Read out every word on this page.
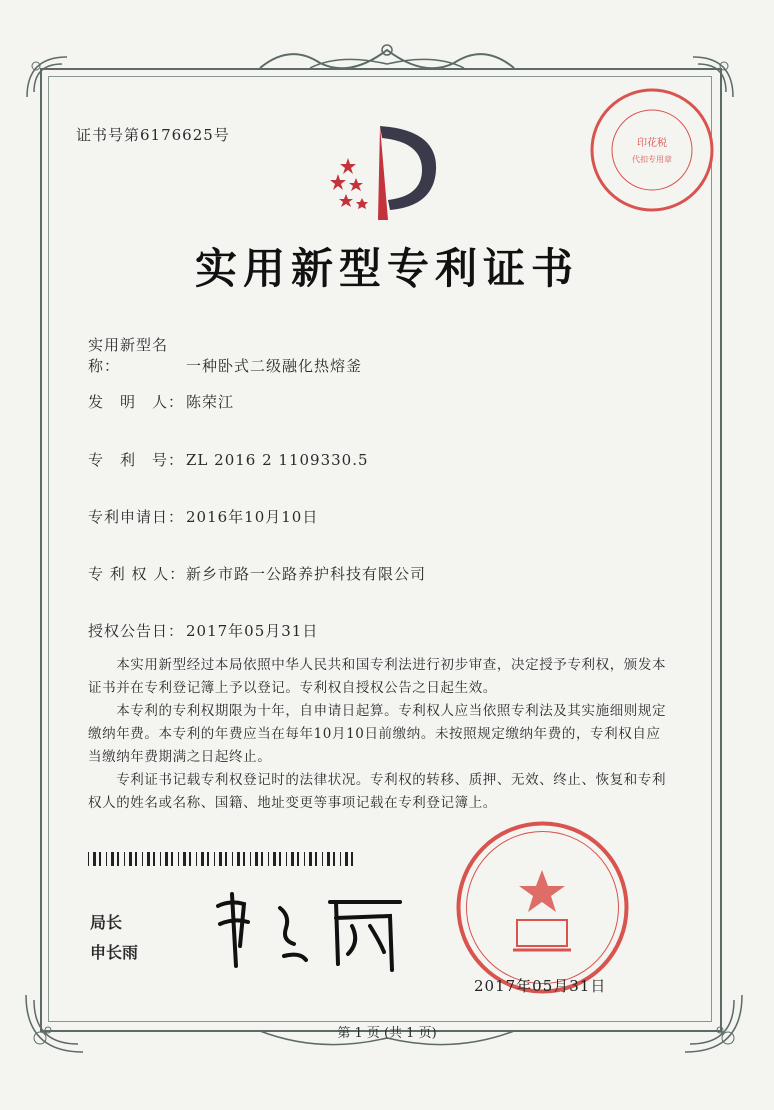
证书号第6176625号	印花税
代扣专用章
实用新型专利证书
实用新型名称：	一种卧式二级融化热熔釜
发　明　人： 陈荣江
专　利　号： ZL 2016 2 1109330.5
专利申请日： 2016年10月10日
专 利 权 人：新乡市路一公路养护科技有限公司
授权公告日： 2017年05月31日
　　本实用新型经过本局依照中华人民共和国专利法进行初步审查，决定授予专利权，颁发本证书并在专利登记簿上予以登记。专利权自授权公告之日起生效。
　　本专利的专利权期限为十年，自申请日起算。专利权人应当依照专利法及其实施细则规定缴纳年费。本专利的年费应当在每年10月10日前缴纳。未按照规定缴纳年费的，专利权自应当缴纳年费期满之日起终止。
　　专利证书记载专利权登记时的法律状况。专利权的转移、质押、无效、终止、恢复和专利权人的姓名或名称、国籍、地址变更等事项记载在专利登记簿上。
局长
申长雨
2017年05月31日
第 1 页 (共 1 页)
